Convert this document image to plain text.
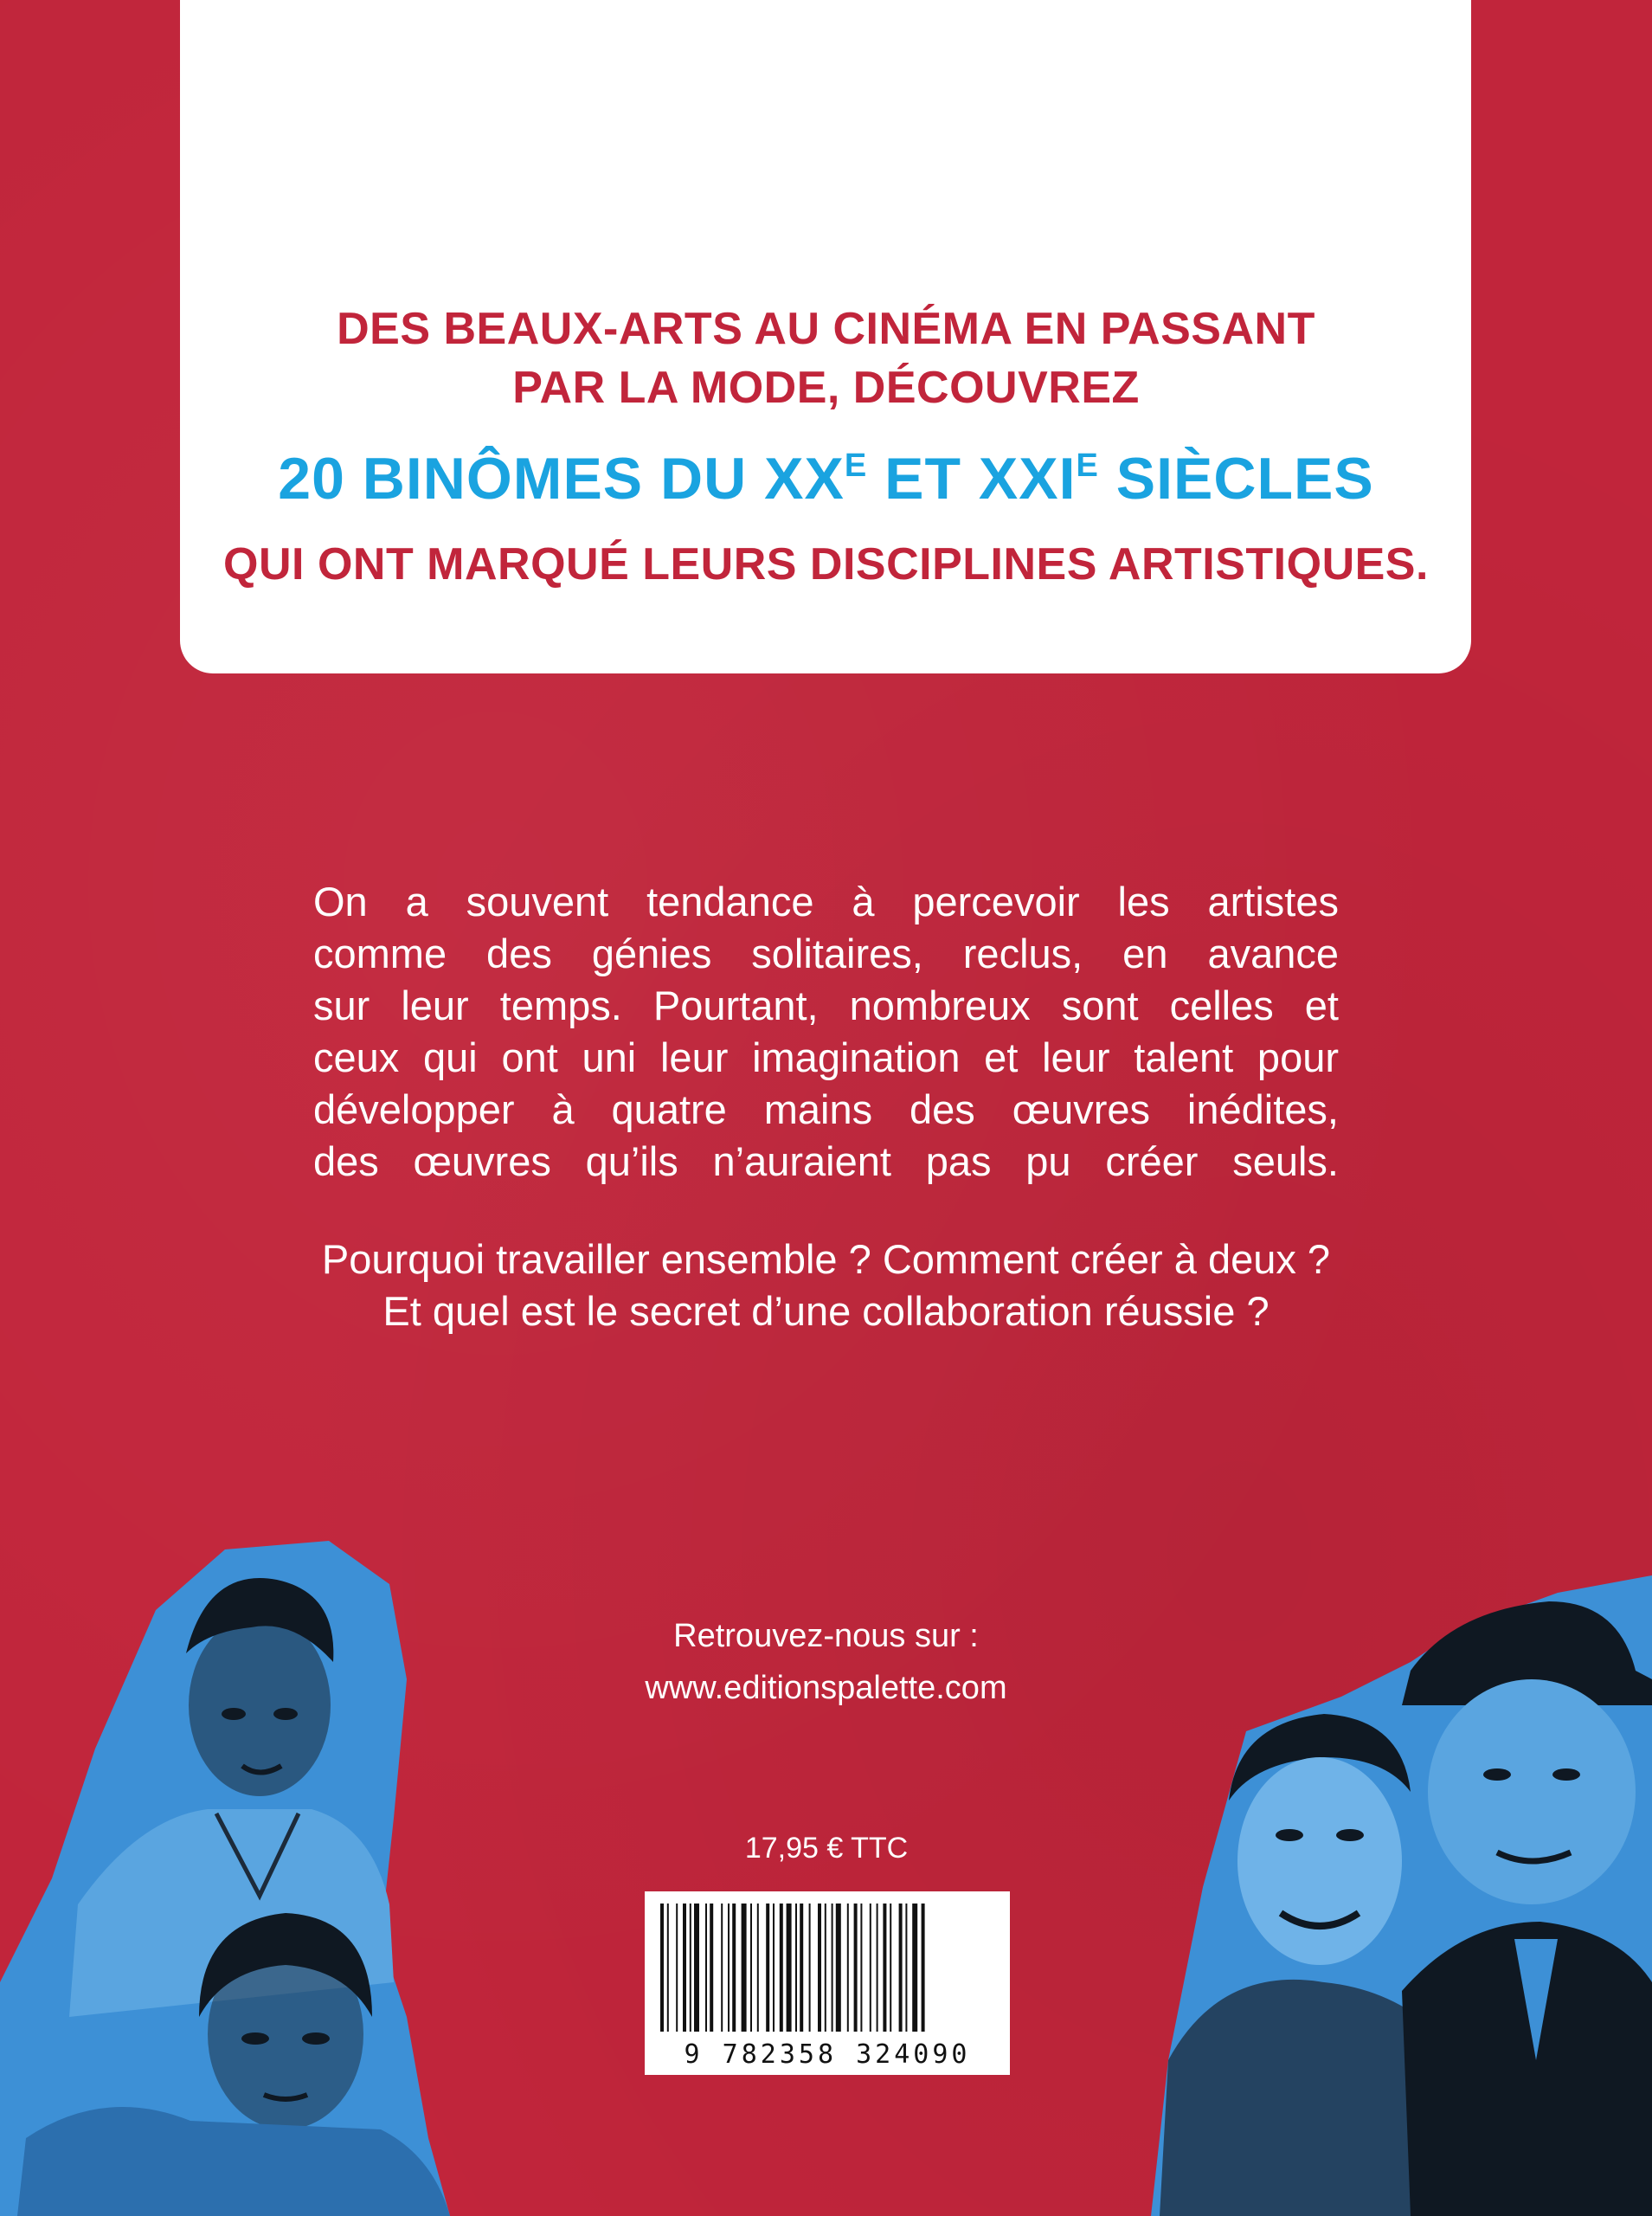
DES BEAUX-ARTS AU CINÉMA EN PASSANT
PAR LA MODE, DÉCOUVREZ
20 BINÔMES DU $XX^E$ ET $XXI^E$ SIÈCLES
QUI ONT MARQUÉ LEURS DISCIPLINES ARTISTIQUES.

On a souvent tendance à percevoir les artistes

comme des génies solitaires, reclus, en avance

sur leur temps. Pourtant, nombreux sont celles et

ceux qui ont uni leur imagination et leur talent pour

développer à quatre mains des œuvres inédites,

des œuvres qu’ils n’auraient pas pu créer seuls.

Pourquoi travailler ensemble ? Comment créer à deux ?

Et quel est le secret d’une collaboration réussie ?

Retrouvez-nous sur :

www.editionspalette.com

17,95 € TTC
9 782358 324090
